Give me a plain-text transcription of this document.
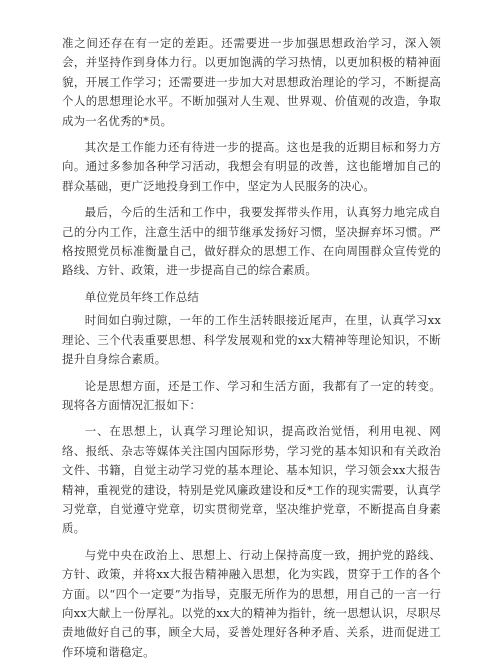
准之间还存在有一定的差距。还需要进一步加强思想政治学习，深入领会，并坚持作到身体力行。以更加饱满的学习热情，以更加积极的精神面貌，开展工作学习；还需要进一步加大对思想政治理论的学习，不断提高个人的思想理论水平。不断加强对人生观、世界观、价值观的改造，争取成为一名优秀的*员。

其次是工作能力还有待进一步的提高。这也是我的近期目标和努力方向。通过多参加各种学习活动，我想会有明显的改善，这也能增加自己的群众基础，更广泛地投身到工作中，坚定为人民服务的决心。

最后，今后的生活和工作中，我要发挥带头作用，认真努力地完成自己的分内工作，注意生活中的细节继承发扬好习惯，坚决摒弃坏习惯。严格按照党员标准衡量自己，做好群众的思想工作、在向周围群众宣传党的路线、方针、政策，进一步提高自己的综合素质。

单位党员年终工作总结

时间如白驹过隙，一年的工作生活转眼接近尾声，在里，认真学习xx理论、三个代表重要思想、科学发展观和党的xx大精神等理论知识，不断提升自身综合素质。

论是思想方面，还是工作、学习和生活方面，我都有了一定的转变。现将各方面情况汇报如下：

一、在思想上，认真学习理论知识，提高政治觉悟，利用电视、网络、报纸、杂志等媒体关注国内国际形势，学习党的基本知识和有关政治文件、书籍，自觉主动学习党的基本理论、基本知识，学习领会xx大报告精神，重视党的建设，特别是党风廉政建设和反*工作的现实需要，认真学习党章，自觉遵守党章，切实贯彻党章，坚决维护党章，不断提高自身素质。

与党中央在政治上、思想上、行动上保持高度一致，拥护党的路线、方针、政策，并将xx大报告精神融入思想，化为实践，贯穿于工作的各个方面。以“四个一定要”为指导，克服无所作为的思想，用自己的一言一行向xx大献上一份厚礼。以党的xx大的精神为指针，统一思想认识，尽职尽责地做好自己的事，顾全大局，妥善处理好各种矛盾、关系，进而促进工作环境和谐稳定。
